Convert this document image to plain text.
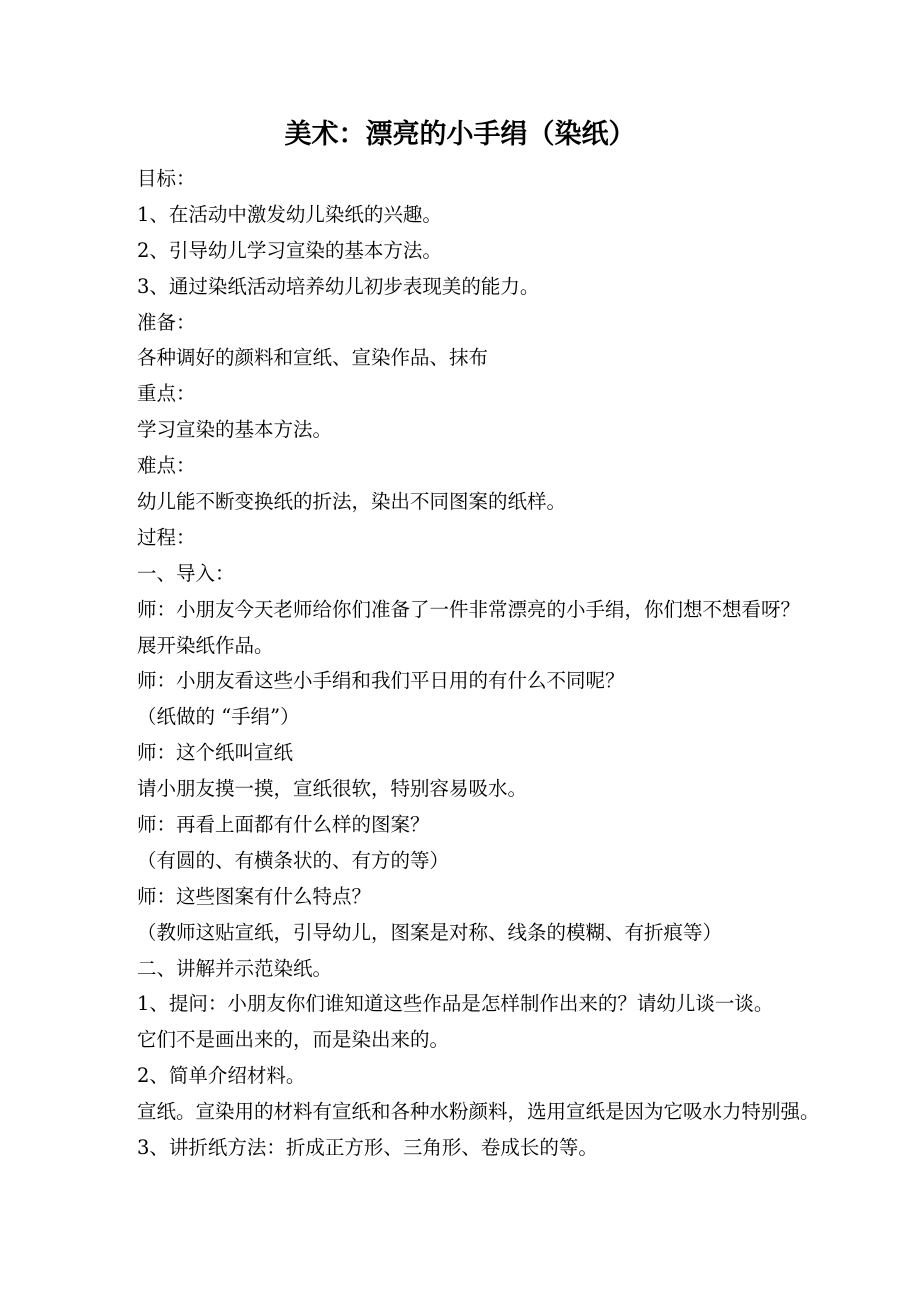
美术：漂亮的小手绢（染纸）
目标：
1、在活动中激发幼儿染纸的兴趣。
2、引导幼儿学习宣染的基本方法。
3、通过染纸活动培养幼儿初步表现美的能力。
准备：
各种调好的颜料和宣纸、宣染作品、抹布
重点：
学习宣染的基本方法。
难点：
幼儿能不断变换纸的折法，染出不同图案的纸样。
过程：
一、导入：
师：小朋友今天老师给你们准备了一件非常漂亮的小手绢，你们想不想看呀？
展开染纸作品。
师：小朋友看这些小手绢和我们平日用的有什么不同呢？
（纸做的 “手绢”）
师：这个纸叫宣纸
请小朋友摸一摸，宣纸很软，特别容易吸水。
师：再看上面都有什么样的图案？
（有圆的、有横条状的、有方的等）
师：这些图案有什么特点？
（教师这贴宣纸，引导幼儿，图案是对称、线条的模糊、有折痕等）
二、讲解并示范染纸。
1、提问：小朋友你们谁知道这些作品是怎样制作出来的？请幼儿谈一谈。
它们不是画出来的，而是染出来的。
2、简单介绍材料。
宣纸。宣染用的材料有宣纸和各种水粉颜料，选用宣纸是因为它吸水力特别强。
3、讲折纸方法：折成正方形、三角形、卷成长的等。
